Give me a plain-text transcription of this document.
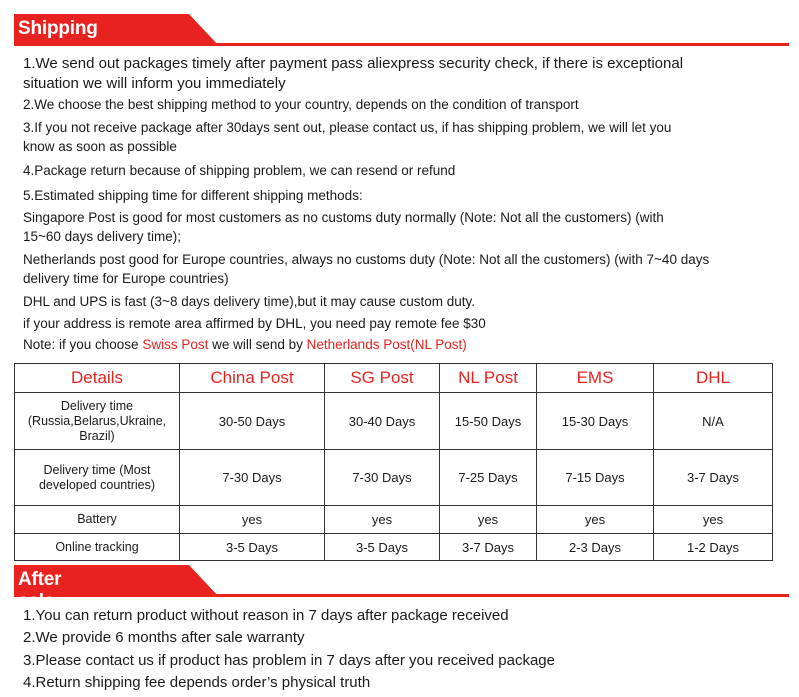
Shipping

1.We send out packages timely after payment pass aliexpress security check, if there is exceptional

situation we will inform you immediately

2.We choose the best shipping method to your country, depends on the condition of transport

3.If you not receive package after 30days sent out, please contact us, if has shipping problem, we will let you

know as soon as possible

4.Package return because of shipping problem, we can resend or refund

5.Estimated shipping time for different shipping methods:

Singapore Post is good for most customers as no customs duty normally (Note: Not all the customers) (with

15~60 days delivery time);

Netherlands post good for Europe countries, always no customs duty (Note: Not all the customers) (with 7~40 days

delivery time for Europe countries)

DHL and UPS is fast (3~8 days delivery time),but it may cause custom duty.

if your address is remote area affirmed by DHL, you need pay remote fee $30

Note: if you choose Swiss Post we will send by Netherlands Post(NL Post)

Details	China Post	SG Post	NL Post	EMS	DHL
Delivery time (Russia,Belarus,Ukraine, Brazil)	30-50 Days	30-40 Days	15-50 Days	15-30 Days	N/A
Delivery time (Most developed countries)	7-30 Days	7-30 Days	7-25 Days	7-15 Days	3-7 Days
Battery	yes	yes	yes	yes	yes
Online tracking	3-5 Days	3-5 Days	3-7 Days	2-3 Days	1-2 Days
After sale

1.You can return product without reason in 7 days after package received

2.We provide 6 months after sale warranty

3.Please contact us if product has problem in 7 days after you received package

4.Return shipping fee depends order’s physical truth
